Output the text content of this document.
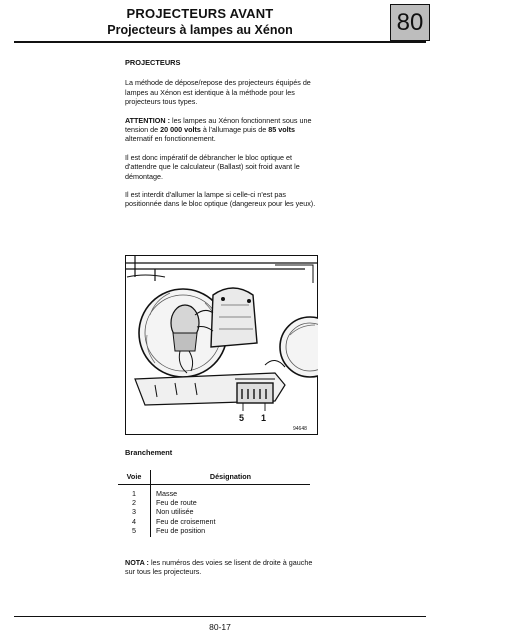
PROJECTEURS AVANT
Projecteurs à lampes au Xénon	80

PROJECTEURS

La méthode de dépose/repose des projecteurs équipés de lampes au Xénon est identique à la méthode pour les projecteurs tous types.

ATTENTION : les lampes au Xénon fonctionnent sous une tension de 20 000 volts à l'allumage puis de 85 volts alternatif en fonctionnement.

Il est donc impératif de débrancher le bloc optique et d'attendre que le calculateur (Ballast) soit froid avant le démontage.

Il est interdit d'allumer la lampe si celle-ci n'est pas positionnée dans le bloc optique (dangereux pour les yeux).

5 1
94648
Branchement
Voie	Désignation
1	Masse
2	Feu de route
3	Non utilisée
4	Feu de croisement
5	Feu de position
NOTA : les numéros des voies se lisent de droite à gauche sur tous les projecteurs.
80-17
